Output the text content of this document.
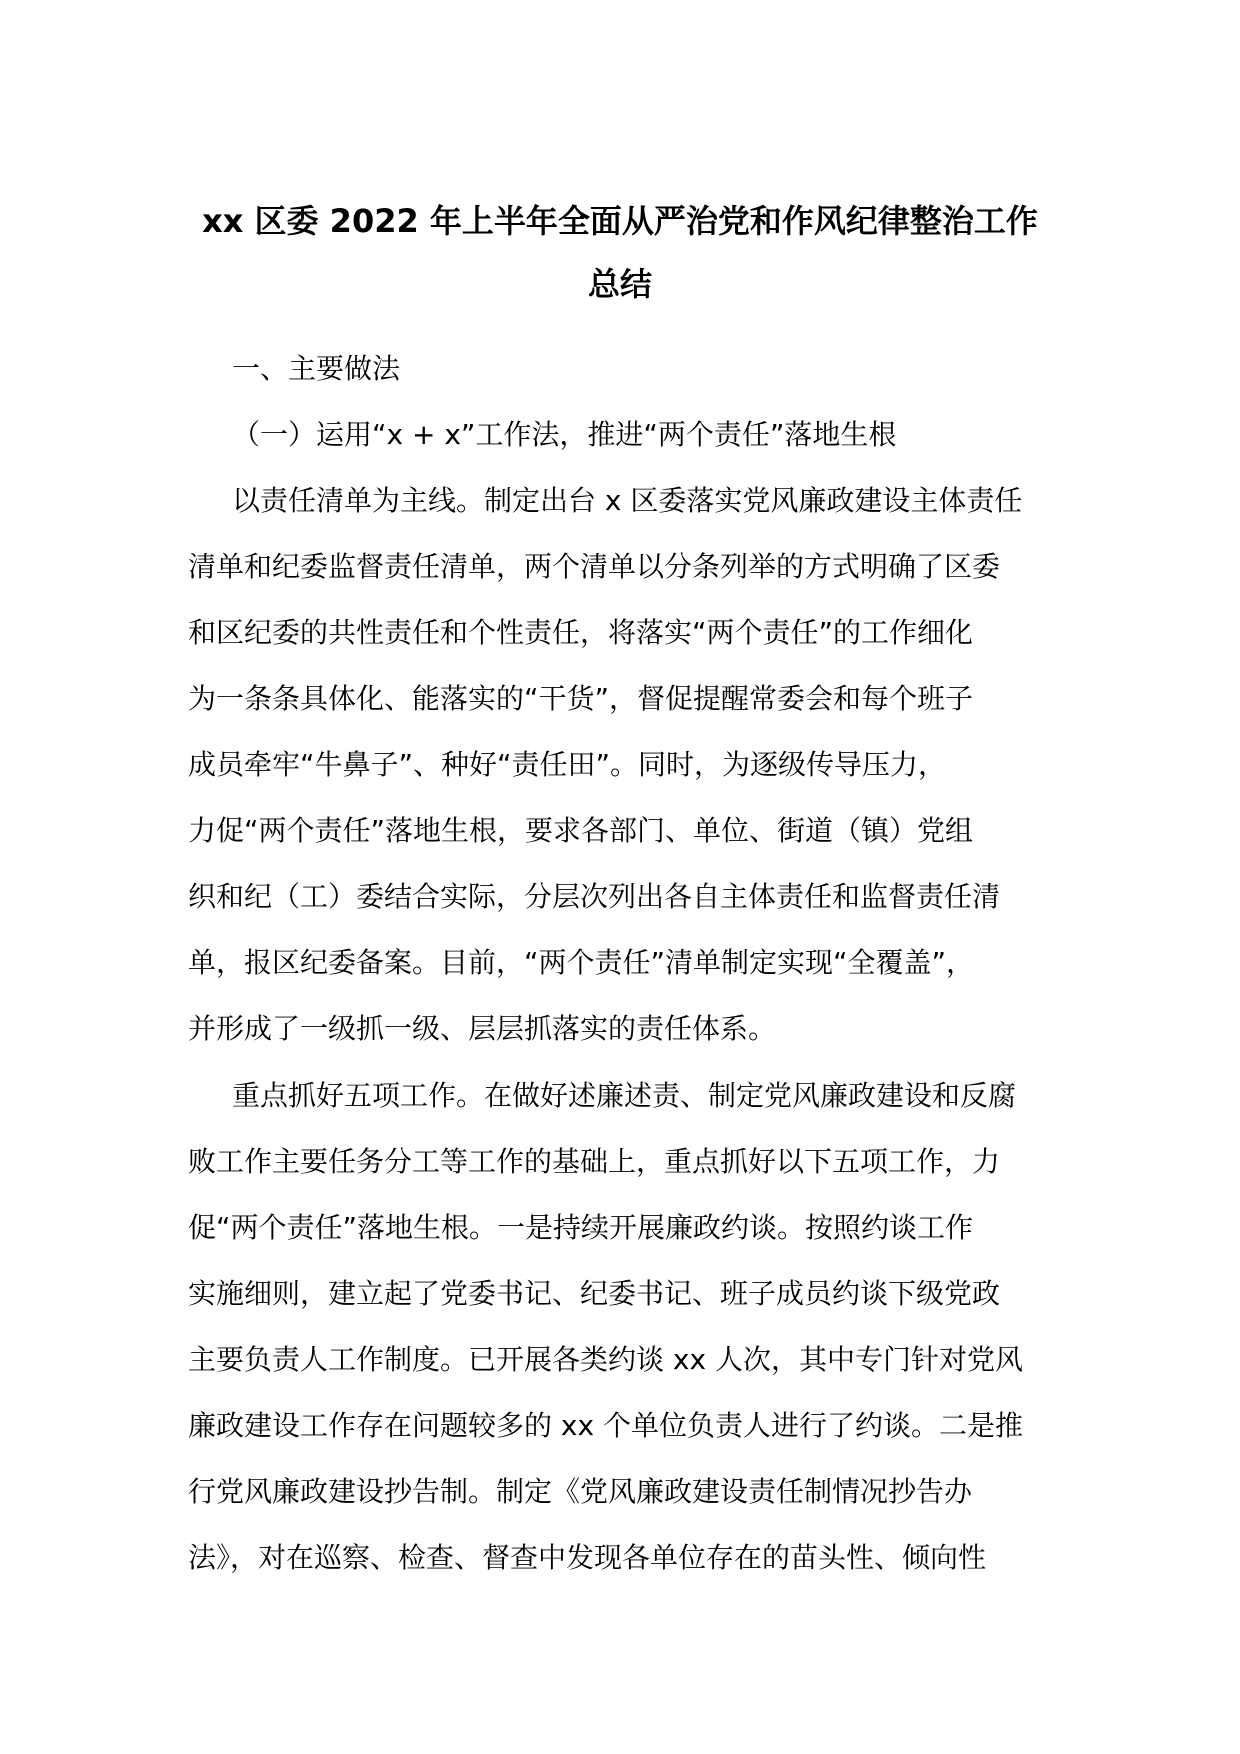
xx 区委 2022 年上半年全面从严治党和作风纪律整治工作
总结

一、主要做法

（一）运用“x + x”工作法，推进“两个责任”落地生根

以责任清单为主线。制定出台 x 区委落实党风廉政建设主体责任

清单和纪委监督责任清单，两个清单以分条列举的方式明确了区委

和区纪委的共性责任和个性责任，将落实“两个责任”的工作细化

为一条条具体化、能落实的“干货”，督促提醒常委会和每个班子

成员牵牢“牛鼻子”、种好“责任田”。同时，为逐级传导压力，

力促“两个责任”落地生根，要求各部门、单位、街道（镇）党组

织和纪（工）委结合实际，分层次列出各自主体责任和监督责任清

单，报区纪委备案。目前，“两个责任”清单制定实现“全覆盖”，

并形成了一级抓一级、层层抓落实的责任体系。

重点抓好五项工作。在做好述廉述责、制定党风廉政建设和反腐

败工作主要任务分工等工作的基础上，重点抓好以下五项工作，力

促“两个责任”落地生根。一是持续开展廉政约谈。按照约谈工作

实施细则，建立起了党委书记、纪委书记、班子成员约谈下级党政

主要负责人工作制度。已开展各类约谈 xx 人次，其中专门针对党风

廉政建设工作存在问题较多的 xx 个单位负责人进行了约谈。二是推

行党风廉政建设抄告制。制定《党风廉政建设责任制情况抄告办

法》，对在巡察、检查、督查中发现各单位存在的苗头性、倾向性
